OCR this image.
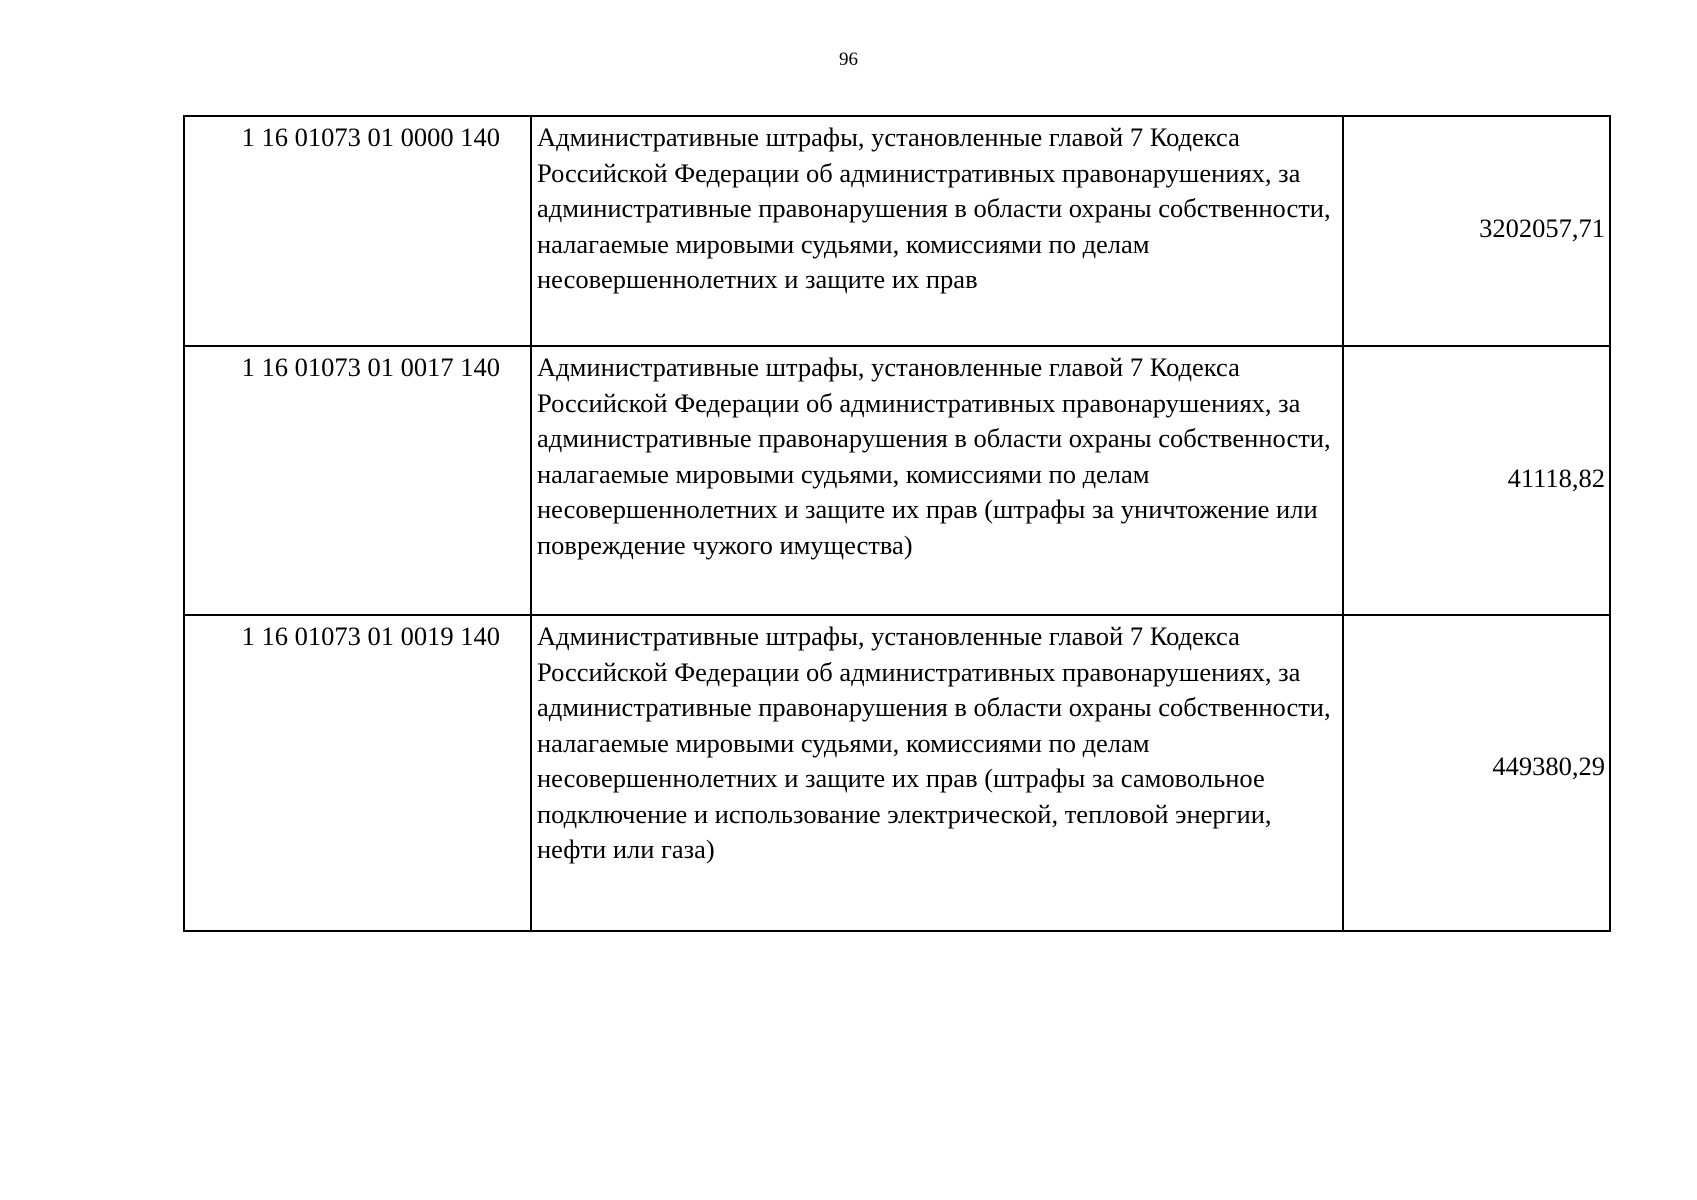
96
1 16 01073 01 0000 140	Административные штрафы, установленные главой 7 Кодекса Российской Федерации об административных правонарушениях, за административные правонарушения в области охраны собственности, налагаемые мировыми судьями, комиссиями по делам несовершеннолетних и защите их прав	3202057,71
1 16 01073 01 0017 140	Административные штрафы, установленные главой 7 Кодекса Российской Федерации об административных правонарушениях, за административные правонарушения в области охраны собственности, налагаемые мировыми судьями, комиссиями по делам несовершеннолетних и защите их прав (штрафы за уничтожение или повреждение чужого имущества)	41118,82
1 16 01073 01 0019 140	Административные штрафы, установленные главой 7 Кодекса Российской Федерации об административных правонарушениях, за административные правонарушения в области охраны собственности, налагаемые мировыми судьями, комиссиями по делам несовершеннолетних и защите их прав (штрафы за самовольное подключение и использование электрической, тепловой энергии, нефти или газа)	449380,29
